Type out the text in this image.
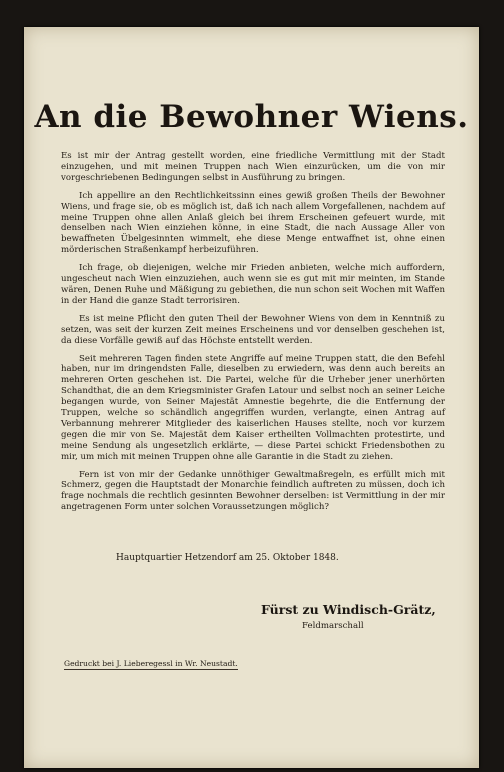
An die Bewohner Wiens.

Es ist mir der Antrag gestellt worden, eine friedliche Vermittlung mit der Stadt einzugehen, und mit meinen Truppen nach Wien einzurücken, um die von mir vorgeschriebenen Bedingungen selbst in Ausführung zu bringen.

Ich appellire an den Rechtlichkeitssinn eines gewiß großen Theils der Bewohner Wiens, und frage sie, ob es möglich ist, daß ich nach allem Vorgefallenen, nachdem auf meine Truppen ohne allen Anlaß gleich bei ihrem Erscheinen gefeuert wurde, mit denselben nach Wien einziehen könne, in eine Stadt, die nach Aussage Aller von bewaffneten Übelgesinnten wimmelt, ehe diese Menge entwaffnet ist, ohne einen mörderischen Straßenkampf herbeizuführen.

Ich frage, ob diejenigen, welche mir Frieden anbieten, welche mich auffordern, ungescheut nach Wien einzuziehen, auch wenn sie es gut mit mir meinten, im Stande wären, Denen Ruhe und Mäßigung zu gebiethen, die nun schon seit Wochen mit Waffen in der Hand die ganze Stadt terrorisiren.

Es ist meine Pflicht den guten Theil der Bewohner Wiens von dem in Kenntniß zu setzen, was seit der kurzen Zeit meines Erscheinens und vor denselben geschehen ist, da diese Vorfälle gewiß auf das Höchste entstellt werden.

Seit mehreren Tagen finden stete Angriffe auf meine Truppen statt, die den Befehl haben, nur im dringendsten Falle, dieselben zu erwiedern, was denn auch bereits an mehreren Orten geschehen ist. Die Partei, welche für die Urheber jener unerhörten Schandthat, die an dem Kriegsminister Grafen Latour und selbst noch an seiner Leiche begangen wurde, von Seiner Majestät Amnestie begehrte, die die Entfernung der Truppen, welche so schändlich angegriffen wurden, verlangte, einen Antrag auf Verbannung mehrerer Mitglieder des kaiserlichen Hauses stellte, noch vor kurzem gegen die mir von Se. Majestät dem Kaiser ertheilten Vollmachten protestirte, und meine Sendung als ungesetzlich erklärte, — diese Partei schickt Friedensbothen zu mir, um mich mit meinen Truppen ohne alle Garantie in die Stadt zu ziehen.

Fern ist von mir der Gedanke unnöthiger Gewaltmaßregeln, es erfüllt mich mit Schmerz, gegen die Hauptstadt der Monarchie feindlich auftreten zu müssen, doch ich frage nochmals die rechtlich gesinnten Bewohner derselben: ist Vermittlung in der mir angetragenen Form unter solchen Voraussetzungen möglich?

Hauptquartier Hetzendorf am 25. Oktober 1848.
Fürst zu Windisch-Grätz,
Feldmarschall
Gedruckt bei J. Lieberegessl in Wr. Neustadt.
